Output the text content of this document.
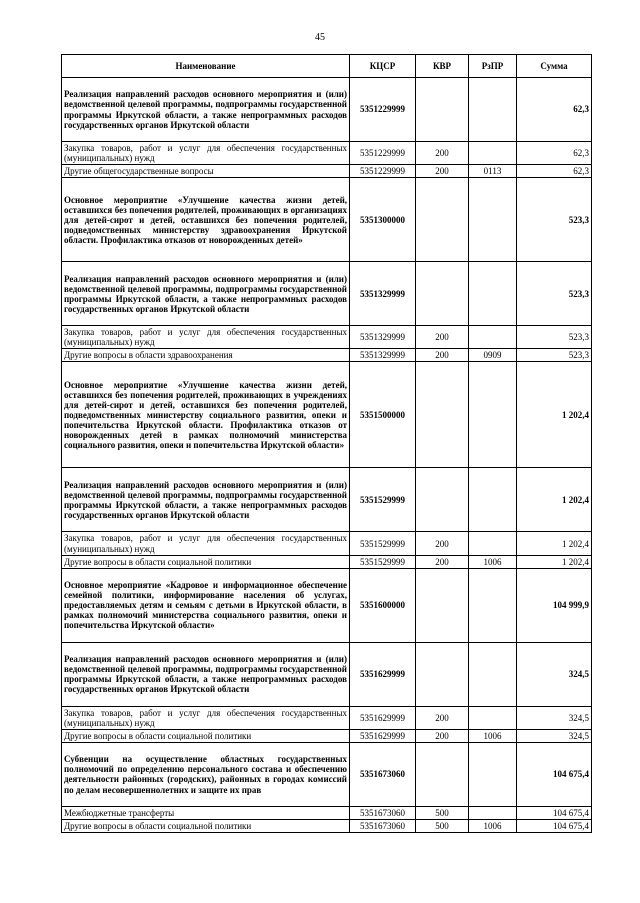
45
Наименование	КЦСР	КВР	РзПР	Сумма
Реализация направлений расходов основного мероприятия и (или) ведомственной целевой программы, подпрограммы государственной программы Иркутской области, а также непрограммных расходов государственных органов Иркутской области	5351229999			62,3
Закупка товаров, работ и услуг для обеспечения государственных (муниципальных) нужд	5351229999	200		62,3
Другие общегосударственные вопросы	5351229999	200	0113	62,3
Основное мероприятие «Улучшение качества жизни детей, оставшихся без попечения родителей, проживающих в организациях для детей-сирот и детей, оставшихся без попечения родителей, подведомственных министерству здравоохранения Иркутской области. Профилактика отказов от новорожденных детей»	5351300000			523,3
Реализация направлений расходов основного мероприятия и (или) ведомственной целевой программы, подпрограммы государственной программы Иркутской области, а также непрограммных расходов государственных органов Иркутской области	5351329999			523,3
Закупка товаров, работ и услуг для обеспечения государственных (муниципальных) нужд	5351329999	200		523,3
Другие вопросы в области здравоохранения	5351329999	200	0909	523,3
Основное мероприятие «Улучшение качества жизни детей, оставшихся без попечения родителей, проживающих в учреждениях для детей-сирот и детей, оставшихся без попечения родителей, подведомственных министерству социального развития, опеки и попечительства Иркутской области. Профилактика отказов от новорожденных детей в рамках полномочий министерства социального развития, опеки и попечительства Иркутской области»	5351500000			1 202,4
Реализация направлений расходов основного мероприятия и (или) ведомственной целевой программы, подпрограммы государственной программы Иркутской области, а также непрограммных расходов государственных органов Иркутской области	5351529999			1 202,4
Закупка товаров, работ и услуг для обеспечения государственных (муниципальных) нужд	5351529999	200		1 202,4
Другие вопросы в области социальной политики	5351529999	200	1006	1 202,4
Основное мероприятие «Кадровое и информационное обеспечение семейной политики, информирование населения об услугах, предоставляемых детям и семьям с детьми в Иркутской области, в рамках полномочий министерства социального развития, опеки и попечительства Иркутской области»	5351600000			104 999,9
Реализация направлений расходов основного мероприятия и (или) ведомственной целевой программы, подпрограммы государственной программы Иркутской области, а также непрограммных расходов государственных органов Иркутской области	5351629999			324,5
Закупка товаров, работ и услуг для обеспечения государственных (муниципальных) нужд	5351629999	200		324,5
Другие вопросы в области социальной политики	5351629999	200	1006	324,5
Субвенции на осуществление областных государственных полномочий по определению персонального состава и обеспечению деятельности районных (городских), районных в городах комиссий по делам несовершеннолетних и защите их прав	5351673060			104 675,4
Межбюджетные трансферты	5351673060	500		104 675,4
Другие вопросы в области социальной политики	5351673060	500	1006	104 675,4
